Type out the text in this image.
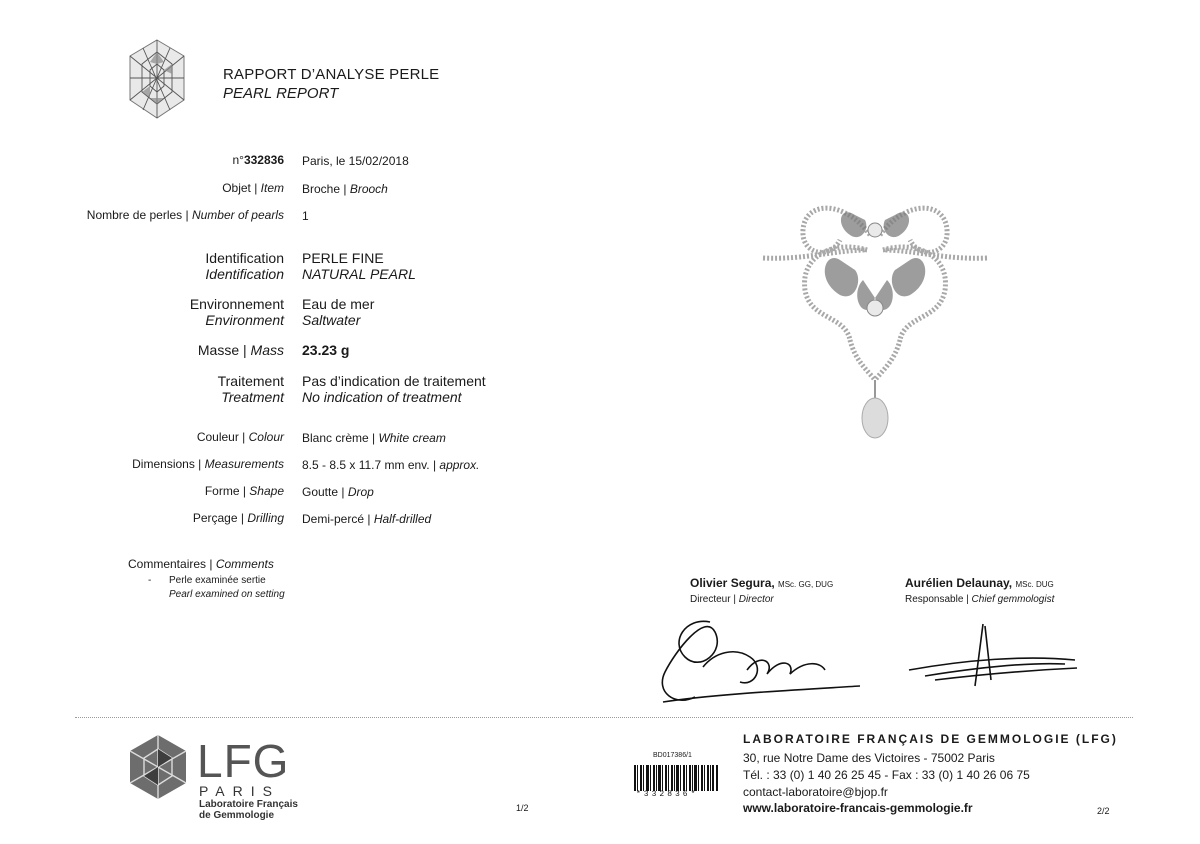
RAPPORT D’ANALYSE PERLE
PEARL REPORT
n°332836 Paris, le 15/02/2018
Objet | Item Broche | Brooch
Nombre de perles | Number of pearls 1
Identification
Identification
PERLE FINE
NATURAL PEARL
Environnement
Environment
Eau de mer
Saltwater
Masse | Mass 23.23 g
Traitement
Treatment
Pas d’indication de traitement
No indication of treatment
Couleur | Colour Blanc crème | White cream
Dimensions | Measurements 8.5 - 8.5 x 11.7 mm env. | approx.
Forme | Shape Goutte | Drop
Perçage | Drilling Demi-percé | Half-drilled
Commentaires | Comments
- Perle examinée sertie
Pearl examined on setting
Olivier Segura, MSc. GG, DUG
Directeur | Director
Aurélien Delaunay, MSc. DUG
Responsable | Chief gemmologist
LFG
PARIS
Laboratoire Français
de Gemmologie
1/2
BD017386/1
*332836*
LABORATOIRE FRANÇAIS DE GEMMOLOGIE (LFG)
30, rue Notre Dame des Victoires - 75002 Paris
Tél. : 33 (0) 1 40 26 25 45 - Fax : 33 (0) 1 40 26 06 75
contact-laboratoire@bjop.fr
www.laboratoire-francais-gemmologie.fr	2/2
